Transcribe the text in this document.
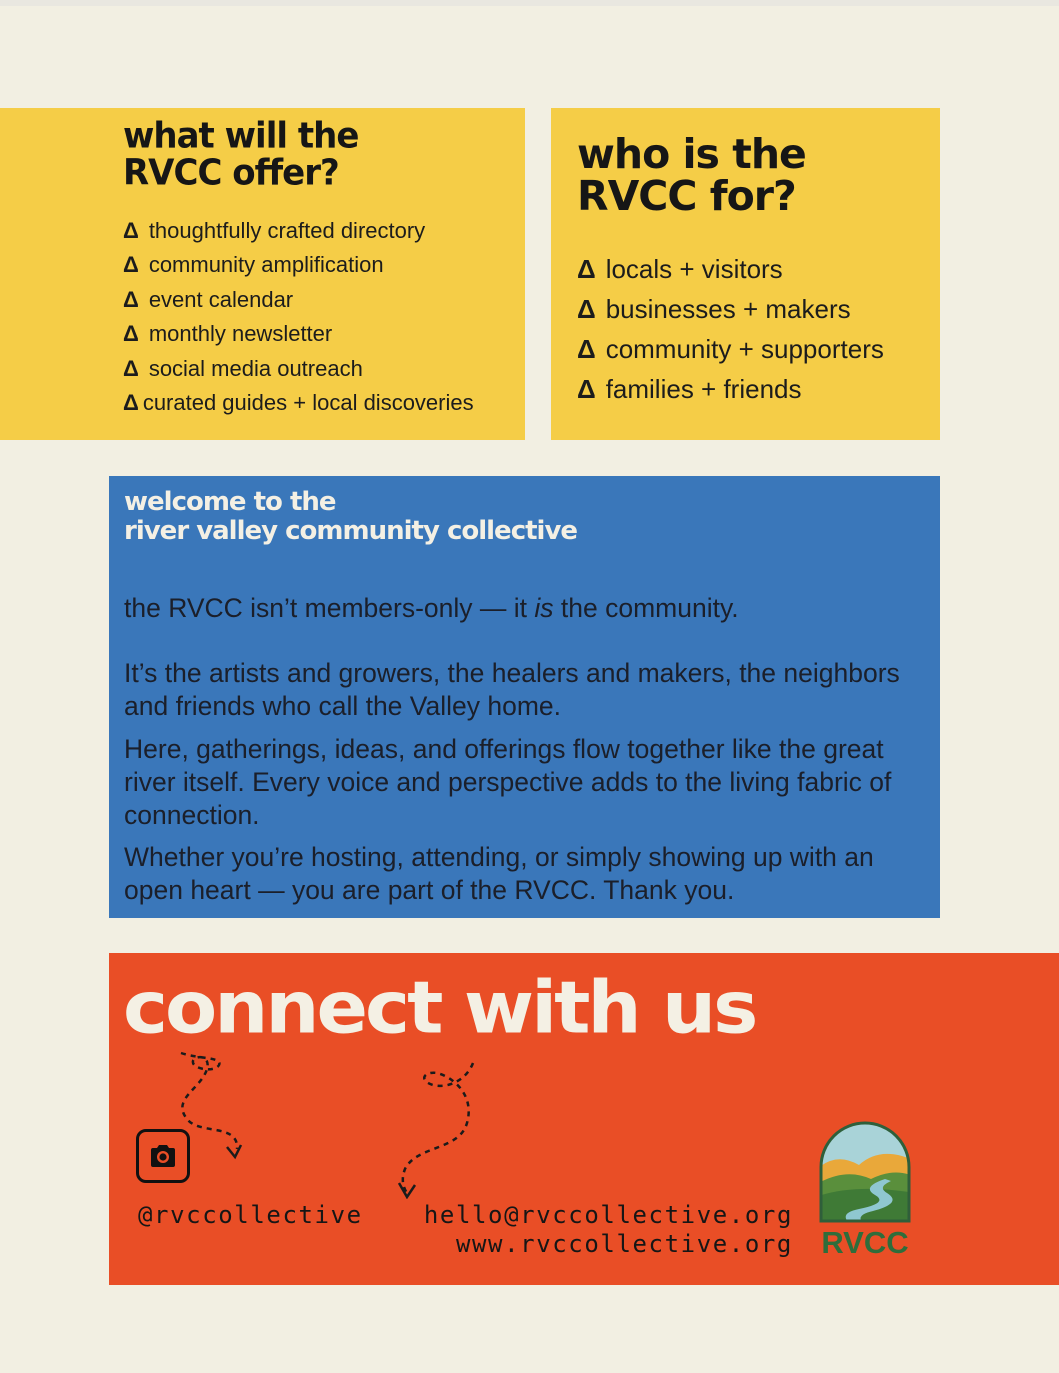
what will the
RVCC offer?
Δ thoughtfully crafted directory
Δ community amplification
Δ event calendar
Δ monthly newsletter
Δ social media outreach
Δ curated guides + local discoveries
who is the
RVCC for?
Δ locals + visitors
Δ businesses + makers
Δ community + supporters
Δ families + friends
welcome to the
river valley community collective

the RVCC isn’t members-only — it is the community.

It’s the artists and growers, the healers and makers, the neighbors and friends who call the Valley home.

Here, gatherings, ideas, and offerings flow together like the great river itself. Every voice and perspective adds to the living fabric of connection.

Whether you’re hosting, attending, or simply showing up with an open heart — you are part of the RVCC. Thank you.

connect with us
@rvccollective	hello@rvccollective.org
www.rvccollective.org RVCC
